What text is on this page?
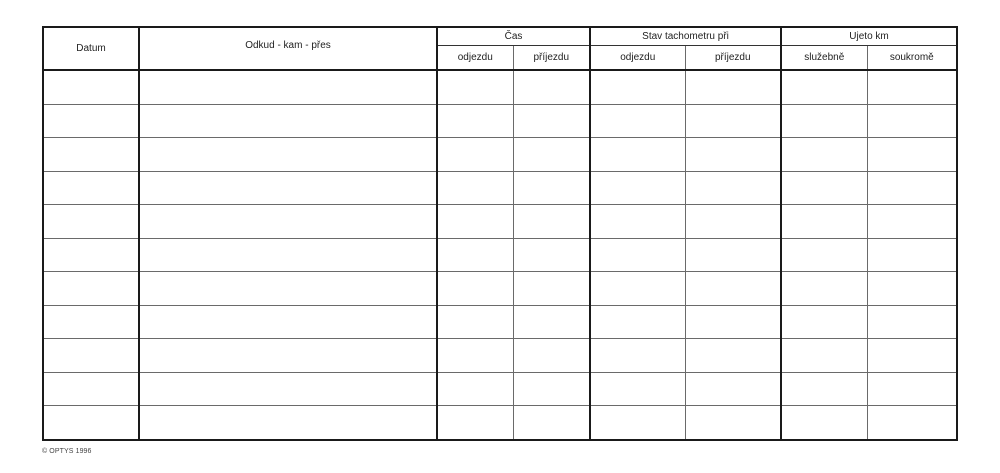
Datum	Odkud - kam - přes	Čas		Stav tachometru při		Ujeto km	
		odjezdu	příjezdu	odjezdu	příjezdu	služebně	soukromě

© OPTYS 1996
